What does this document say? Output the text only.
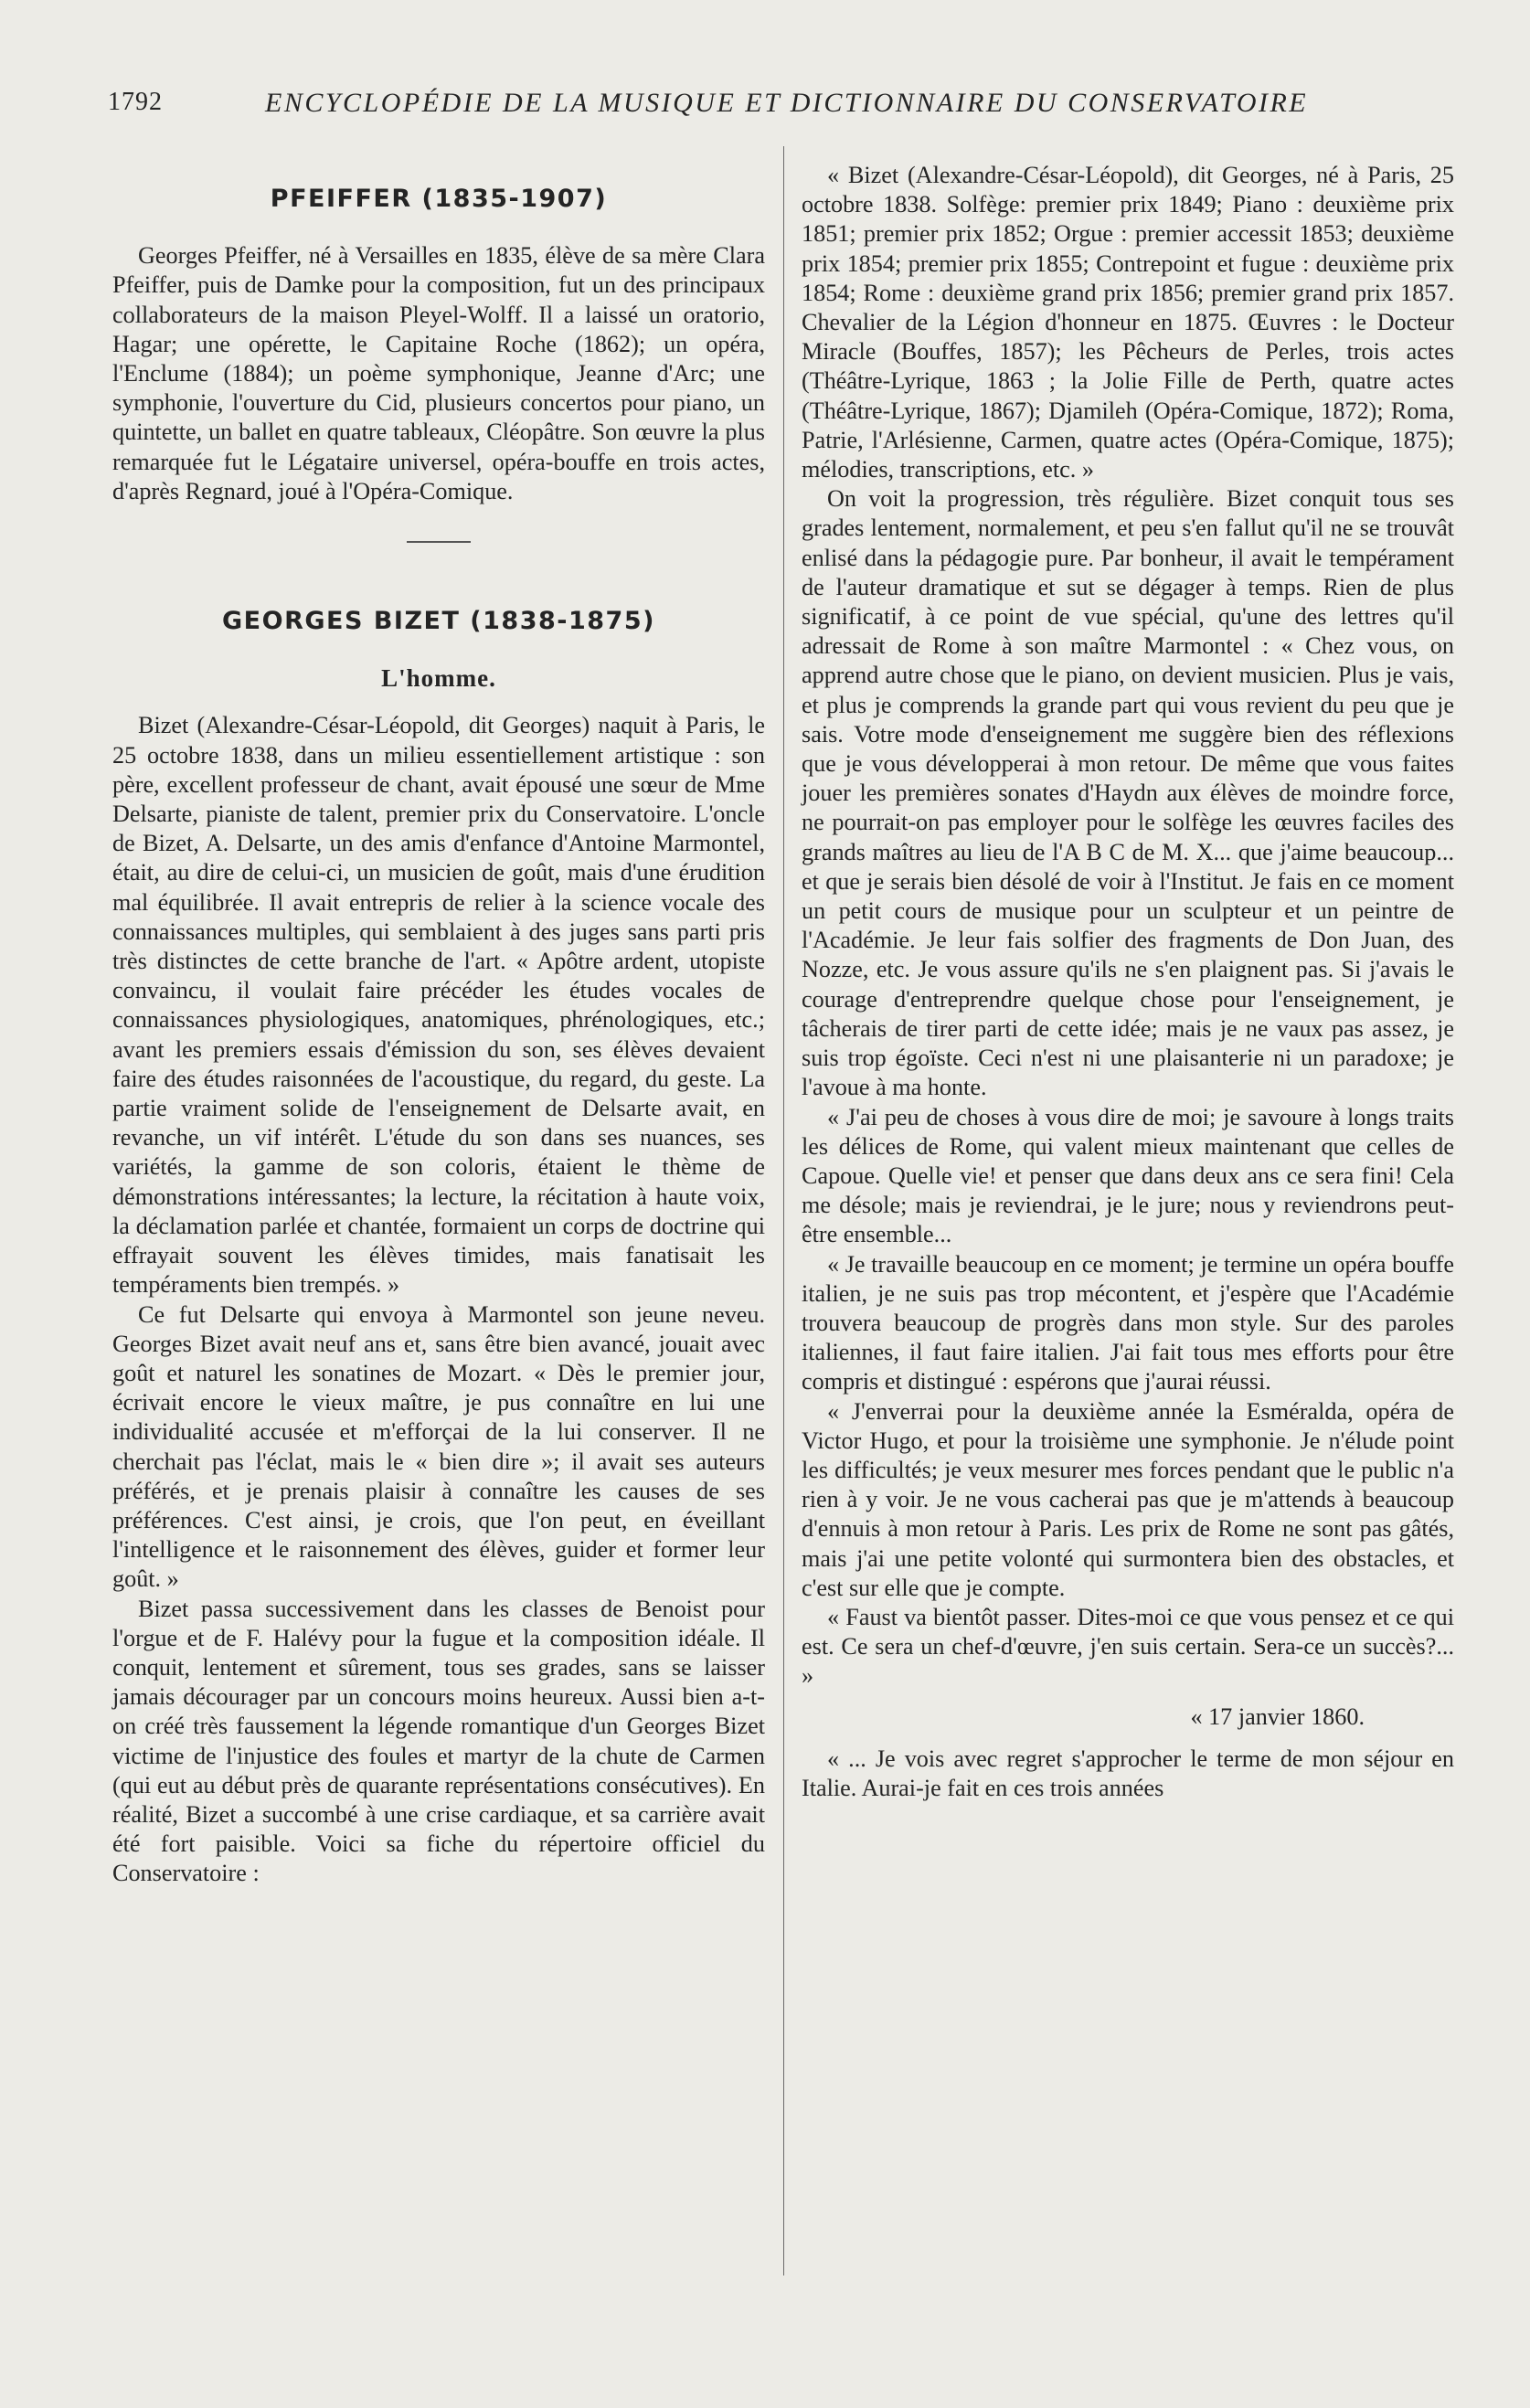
1792	ENCYCLOPÉDIE DE LA MUSIQUE ET DICTIONNAIRE DU CONSERVATOIRE
PFEIFFER (1835-1907)

Georges Pfeiffer, né à Versailles en 1835, élève de sa mère Clara Pfeiffer, puis de Damke pour la composition, fut un des principaux collaborateurs de la maison Pleyel-Wolff. Il a laissé un oratorio, Hagar; une opérette, le Capitaine Roche (1862); un opéra, l'Enclume (1884); un poème symphonique, Jeanne d'Arc; une symphonie, l'ouverture du Cid, plusieurs concertos pour piano, un quintette, un ballet en quatre tableaux, Cléopâtre. Son œuvre la plus remarquée fut le Légataire universel, opéra-bouffe en trois actes, d'après Regnard, joué à l'Opéra-Comique.

GEORGES BIZET (1838-1875)
L'homme.

Bizet (Alexandre-César-Léopold, dit Georges) naquit à Paris, le 25 octobre 1838, dans un milieu essentiellement artistique : son père, excellent professeur de chant, avait épousé une sœur de Mme Delsarte, pianiste de talent, premier prix du Conservatoire. L'oncle de Bizet, A. Delsarte, un des amis d'enfance d'Antoine Marmontel, était, au dire de celui-ci, un musicien de goût, mais d'une érudition mal équilibrée. Il avait entrepris de relier à la science vocale des connaissances multiples, qui semblaient à des juges sans parti pris très distinctes de cette branche de l'art. « Apôtre ardent, utopiste convaincu, il voulait faire précéder les études vocales de connaissances physiologiques, anatomiques, phrénologiques, etc.; avant les premiers essais d'émission du son, ses élèves devaient faire des études raisonnées de l'acoustique, du regard, du geste. La partie vraiment solide de l'enseignement de Delsarte avait, en revanche, un vif intérêt. L'étude du son dans ses nuances, ses variétés, la gamme de son coloris, étaient le thème de démonstrations intéressantes; la lecture, la récitation à haute voix, la déclamation parlée et chantée, formaient un corps de doctrine qui effrayait souvent les élèves timides, mais fanatisait les tempéraments bien trempés. »

Ce fut Delsarte qui envoya à Marmontel son jeune neveu. Georges Bizet avait neuf ans et, sans être bien avancé, jouait avec goût et naturel les sonatines de Mozart. « Dès le premier jour, écrivait encore le vieux maître, je pus connaître en lui une individualité accusée et m'efforçai de la lui conserver. Il ne cherchait pas l'éclat, mais le « bien dire »; il avait ses auteurs préférés, et je prenais plaisir à connaître les causes de ses préférences. C'est ainsi, je crois, que l'on peut, en éveillant l'intelligence et le raisonnement des élèves, guider et former leur goût. »

Bizet passa successivement dans les classes de Benoist pour l'orgue et de F. Halévy pour la fugue et la composition idéale. Il conquit, lentement et sûrement, tous ses grades, sans se laisser jamais décourager par un concours moins heureux. Aussi bien a-t-on créé très faussement la légende romantique d'un Georges Bizet victime de l'injustice des foules et martyr de la chute de Carmen (qui eut au début près de quarante représentations consécutives). En réalité, Bizet a succombé à une crise cardiaque, et sa carrière avait été fort paisible. Voici sa fiche du répertoire officiel du Conservatoire :

« Bizet (Alexandre-César-Léopold), dit Georges, né à Paris, 25 octobre 1838. Solfège: premier prix 1849; Piano : deuxième prix 1851; premier prix 1852; Orgue : premier accessit 1853; deuxième prix 1854; premier prix 1855; Contrepoint et fugue : deuxième prix 1854; Rome : deuxième grand prix 1856; premier grand prix 1857. Chevalier de la Légion d'honneur en 1875. Œuvres : le Docteur Miracle (Bouffes, 1857); les Pêcheurs de Perles, trois actes (Théâtre-Lyrique, 1863 ; la Jolie Fille de Perth, quatre actes (Théâtre-Lyrique, 1867); Djamileh (Opéra-Comique, 1872); Roma, Patrie, l'Arlésienne, Carmen, quatre actes (Opéra-Comique, 1875); mélodies, transcriptions, etc. »

On voit la progression, très régulière. Bizet conquit tous ses grades lentement, normalement, et peu s'en fallut qu'il ne se trouvât enlisé dans la pédagogie pure. Par bonheur, il avait le tempérament de l'auteur dramatique et sut se dégager à temps. Rien de plus significatif, à ce point de vue spécial, qu'une des lettres qu'il adressait de Rome à son maître Marmontel : « Chez vous, on apprend autre chose que le piano, on devient musicien. Plus je vais, et plus je comprends la grande part qui vous revient du peu que je sais. Votre mode d'enseignement me suggère bien des réflexions que je vous développerai à mon retour. De même que vous faites jouer les premières sonates d'Haydn aux élèves de moindre force, ne pourrait-on pas employer pour le solfège les œuvres faciles des grands maîtres au lieu de l'A B C de M. X... que j'aime beaucoup... et que je serais bien désolé de voir à l'Institut. Je fais en ce moment un petit cours de musique pour un sculpteur et un peintre de l'Académie. Je leur fais solfier des fragments de Don Juan, des Nozze, etc. Je vous assure qu'ils ne s'en plaignent pas. Si j'avais le courage d'entreprendre quelque chose pour l'enseignement, je tâcherais de tirer parti de cette idée; mais je ne vaux pas assez, je suis trop égoïste. Ceci n'est ni une plaisanterie ni un paradoxe; je l'avoue à ma honte.

« J'ai peu de choses à vous dire de moi; je savoure à longs traits les délices de Rome, qui valent mieux maintenant que celles de Capoue. Quelle vie! et penser que dans deux ans ce sera fini! Cela me désole; mais je reviendrai, je le jure; nous y reviendrons peut-être ensemble...

« Je travaille beaucoup en ce moment; je termine un opéra bouffe italien, je ne suis pas trop mécontent, et j'espère que l'Académie trouvera beaucoup de progrès dans mon style. Sur des paroles italiennes, il faut faire italien. J'ai fait tous mes efforts pour être compris et distingué : espérons que j'aurai réussi.

« J'enverrai pour la deuxième année la Esméralda, opéra de Victor Hugo, et pour la troisième une symphonie. Je n'élude point les difficultés; je veux mesurer mes forces pendant que le public n'a rien à y voir. Je ne vous cacherai pas que je m'attends à beaucoup d'ennuis à mon retour à Paris. Les prix de Rome ne sont pas gâtés, mais j'ai une petite volonté qui surmontera bien des obstacles, et c'est sur elle que je compte.

« Faust va bientôt passer. Dites-moi ce que vous pensez et ce qui est. Ce sera un chef-d'œuvre, j'en suis certain. Sera-ce un succès?... »

« 17 janvier 1860.

« ... Je vois avec regret s'approcher le terme de mon séjour en Italie. Aurai-je fait en ces trois années
